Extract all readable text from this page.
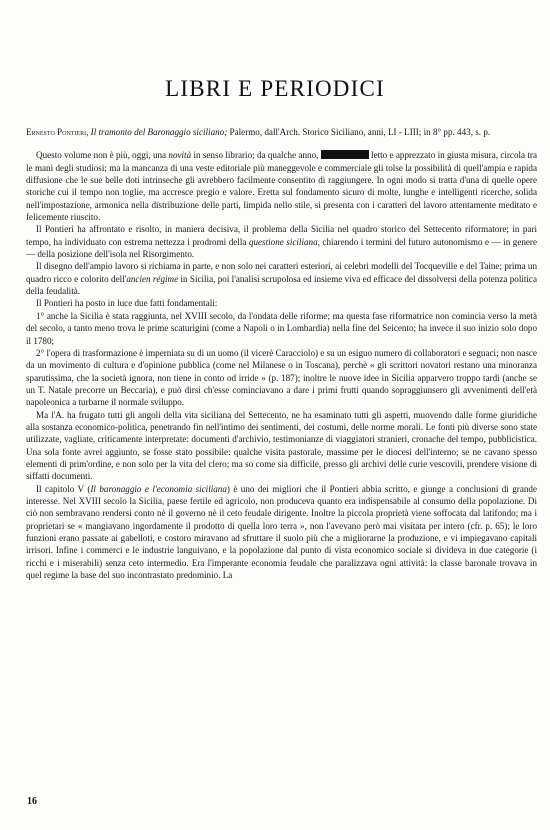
LIBRI E PERIODICI

Ernesto Pontieri, Il tramonto del Baronaggio siciliano; Palermo, dall'Arch. Storico Siciliano, anni, LI - LIII; in 8° pp. 443, s. p.

Questo volume non è più, oggi, una novità in senso librario; da qualche anno,	letto e apprezzato in giusta misura, circola tra le mani degli studiosi; ma la mancanza di una veste editoriale più maneggevole e commerciale gli tolse la possibilità di quell'ampia e rapida diffusione che le sue belle doti intrinseche gli avrebbero facilmente consentito di raggiungere. In ogni modo si tratta d'una di quelle opere storiche cui il tempo non toglie, ma accresce pregio e valore. Eretta sul fondamento sicuro di molte, lunghe e intelligenti ricerche, solida nell'impostazione, armonica nella distribuzione delle parti, limpida nello stile, si presenta con i caratteri del lavoro attentamente meditato e felicemente riuscito.

Il Pontieri ha affrontato e risolto, in maniera decisiva, il problema della Sicilia nel quadro storico del Settecento riformatore; in pari tempo, ha individuato con estrema nettezza i prodromi della questione siciliana, chiarendo i termini del futuro autonomismo e — in genere — della posizione dell'isola nel Risorgimento.

Il disegno dell'ampio lavoro si richiama in parte, e non solo nei caratteri esteriori, ai celebri modelli del Tocqueville e del Taine; prima un quadro ricco e colorito dell'ancien régime in Sicilia, poi l'analisi scrupolosa ed insieme viva ed efficace del dissolversi della potenza politica della feudalità.

Il Pontieri ha posto in luce due fatti fondamentali:

1° anche la Sicilia è stata raggiunta, nel XVIII secolo, da l'ondata delle riforme; ma questa fase riformatrice non comincia verso la metà del secolo, a tanto meno trova le prime scaturigini (come a Napoli o in Lombardia) nella fine del Seicento; ha invece il suo inizio solo dopo il 1780;

2° l'opera di trasformazione è imperniata su di un uomo (il vicerè Caracciolo) e su un esiguo numero di collaboratori e seguaci; non nasce da un movimento di cultura e d'opinione pubblica (come nel Milanese o in Toscana), perchè « gli scrittori novatori restano una minoranza sparutissima, che la società ignora, non tiene in conto od irride » (p. 187); inoltre le nuove idee in Sicilia apparvero troppo tardi (anche se un T. Natale precorre un Beccaria), e può dirsi ch'esse cominciavano a dare i primi frutti quando sopraggiunsero gli avvenimenti dell'età napoleonica a turbarne il normale sviluppo.

Ma l'A. ha frugato tutti gli angoli della vita siciliana del Settecento, ne ha esaminato tutti gli aspetti, muovendo dalle forme giuridiche alla sostanza economico-politica, penetrando fin nell'intimo dei sentimenti, dei costumi, delle norme morali. Le fonti più diverse sono state utilizzate, vagliate, criticamente interpretate: documenti d'archivio, testimonianze di viaggiatori stranieri, cronache del tempo, pubblicistica. Una sola fonte avrei aggiunto, se fosse stato possibile: qualche visita pastorale, massime per le diocesi dell'interno; se ne cavano spesso elementi di prim'ordine, e non solo per la vita del clero; ma so come sia difficile, presso gli archivi delle curie vescovili, prendere visione di siffatti documenti.

Il capitolo V (Il baronaggio e l'economia siciliana) è uno dei migliori che il Pontieri abbia scritto, e giunge a conclusioni di grande interesse. Nel XVIII secolo la Sicilia, paese fertile ed agricolo, non produceva quanto era indispensabile al consumo della popolazione. Di ciò non sembravano rendersi conto nè il governo nè il ceto feudale dirigente. Inoltre la piccola proprietà viene soffocata dal latifondo; ma i proprietari se « mangiavano ingordamente il prodotto di quella loro terra », non l'avevano però mai visitata per intero (cfr. p. 65); le loro funzioni erano passate ai gabelloti, e costoro miravano ad sfruttare il suolo più che a migliorarne la produzione, e vi impiegavano capitali irrisori. Infine i commerci e le industrie languivano, e la popolazione dal punto di vista economico sociale si divideva in due categorie (i ricchi e i miserabili) senza ceto intermedio. Era l'imperante economia feudale che paralizzava ogni attività: la classe baronale trovava in quel regime la base del suo incontrastato predominio. La

16
